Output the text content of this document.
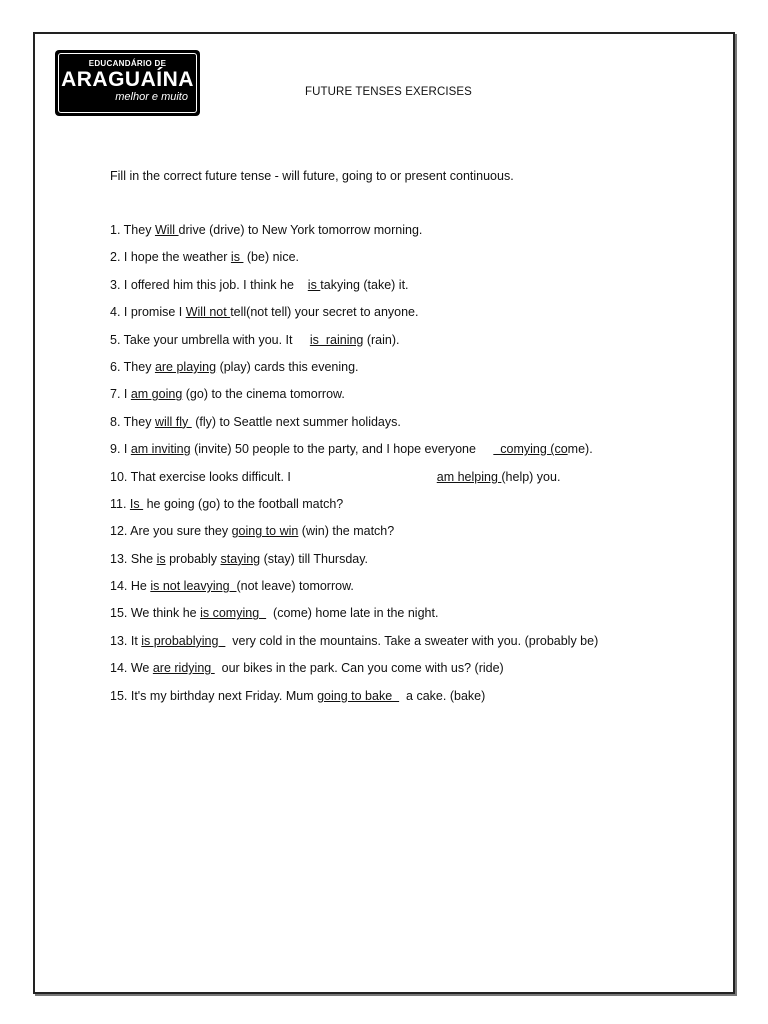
EDUCANDÁRIO DE
ARAGUAÍNA
melhor e muito	FUTURE TENSES EXERCISES
Fill in the correct future tense - will future, going to or present continuous.
1. They Will drive (drive) to New York tomorrow morning.
2. I hope the weather is  (be) nice.
3. I offered him this job. I think he    is takying (take) it.
4. I promise I Will not tell(not tell) your secret to anyone.
5. Take your umbrella with you. It     is  raining (rain).
6. They are playing (play) cards this evening.
7. I am going (go) to the cinema tomorrow.
8. They will fly  (fly) to Seattle next summer holidays.
9. I am inviting (invite) 50 people to the party, and I hope everyone       comying (come).
10. That exercise looks difficult. I                                          am helping (help) you.
11. Is  he going (go) to the football match?
12. Are you sure they going to win (win) the match?
13. She is probably staying (stay) till Thursday.
14. He is not leavying  (not leave) tomorrow.
15. We think he is comying    (come) home late in the night.
13. It is probablying    very cold in the mountains. Take a sweater with you. (probably be)
14. We are ridying   our bikes in the park. Can you come with us? (ride)
15. It's my birthday next Friday. Mum going to bake    a cake. (bake)
